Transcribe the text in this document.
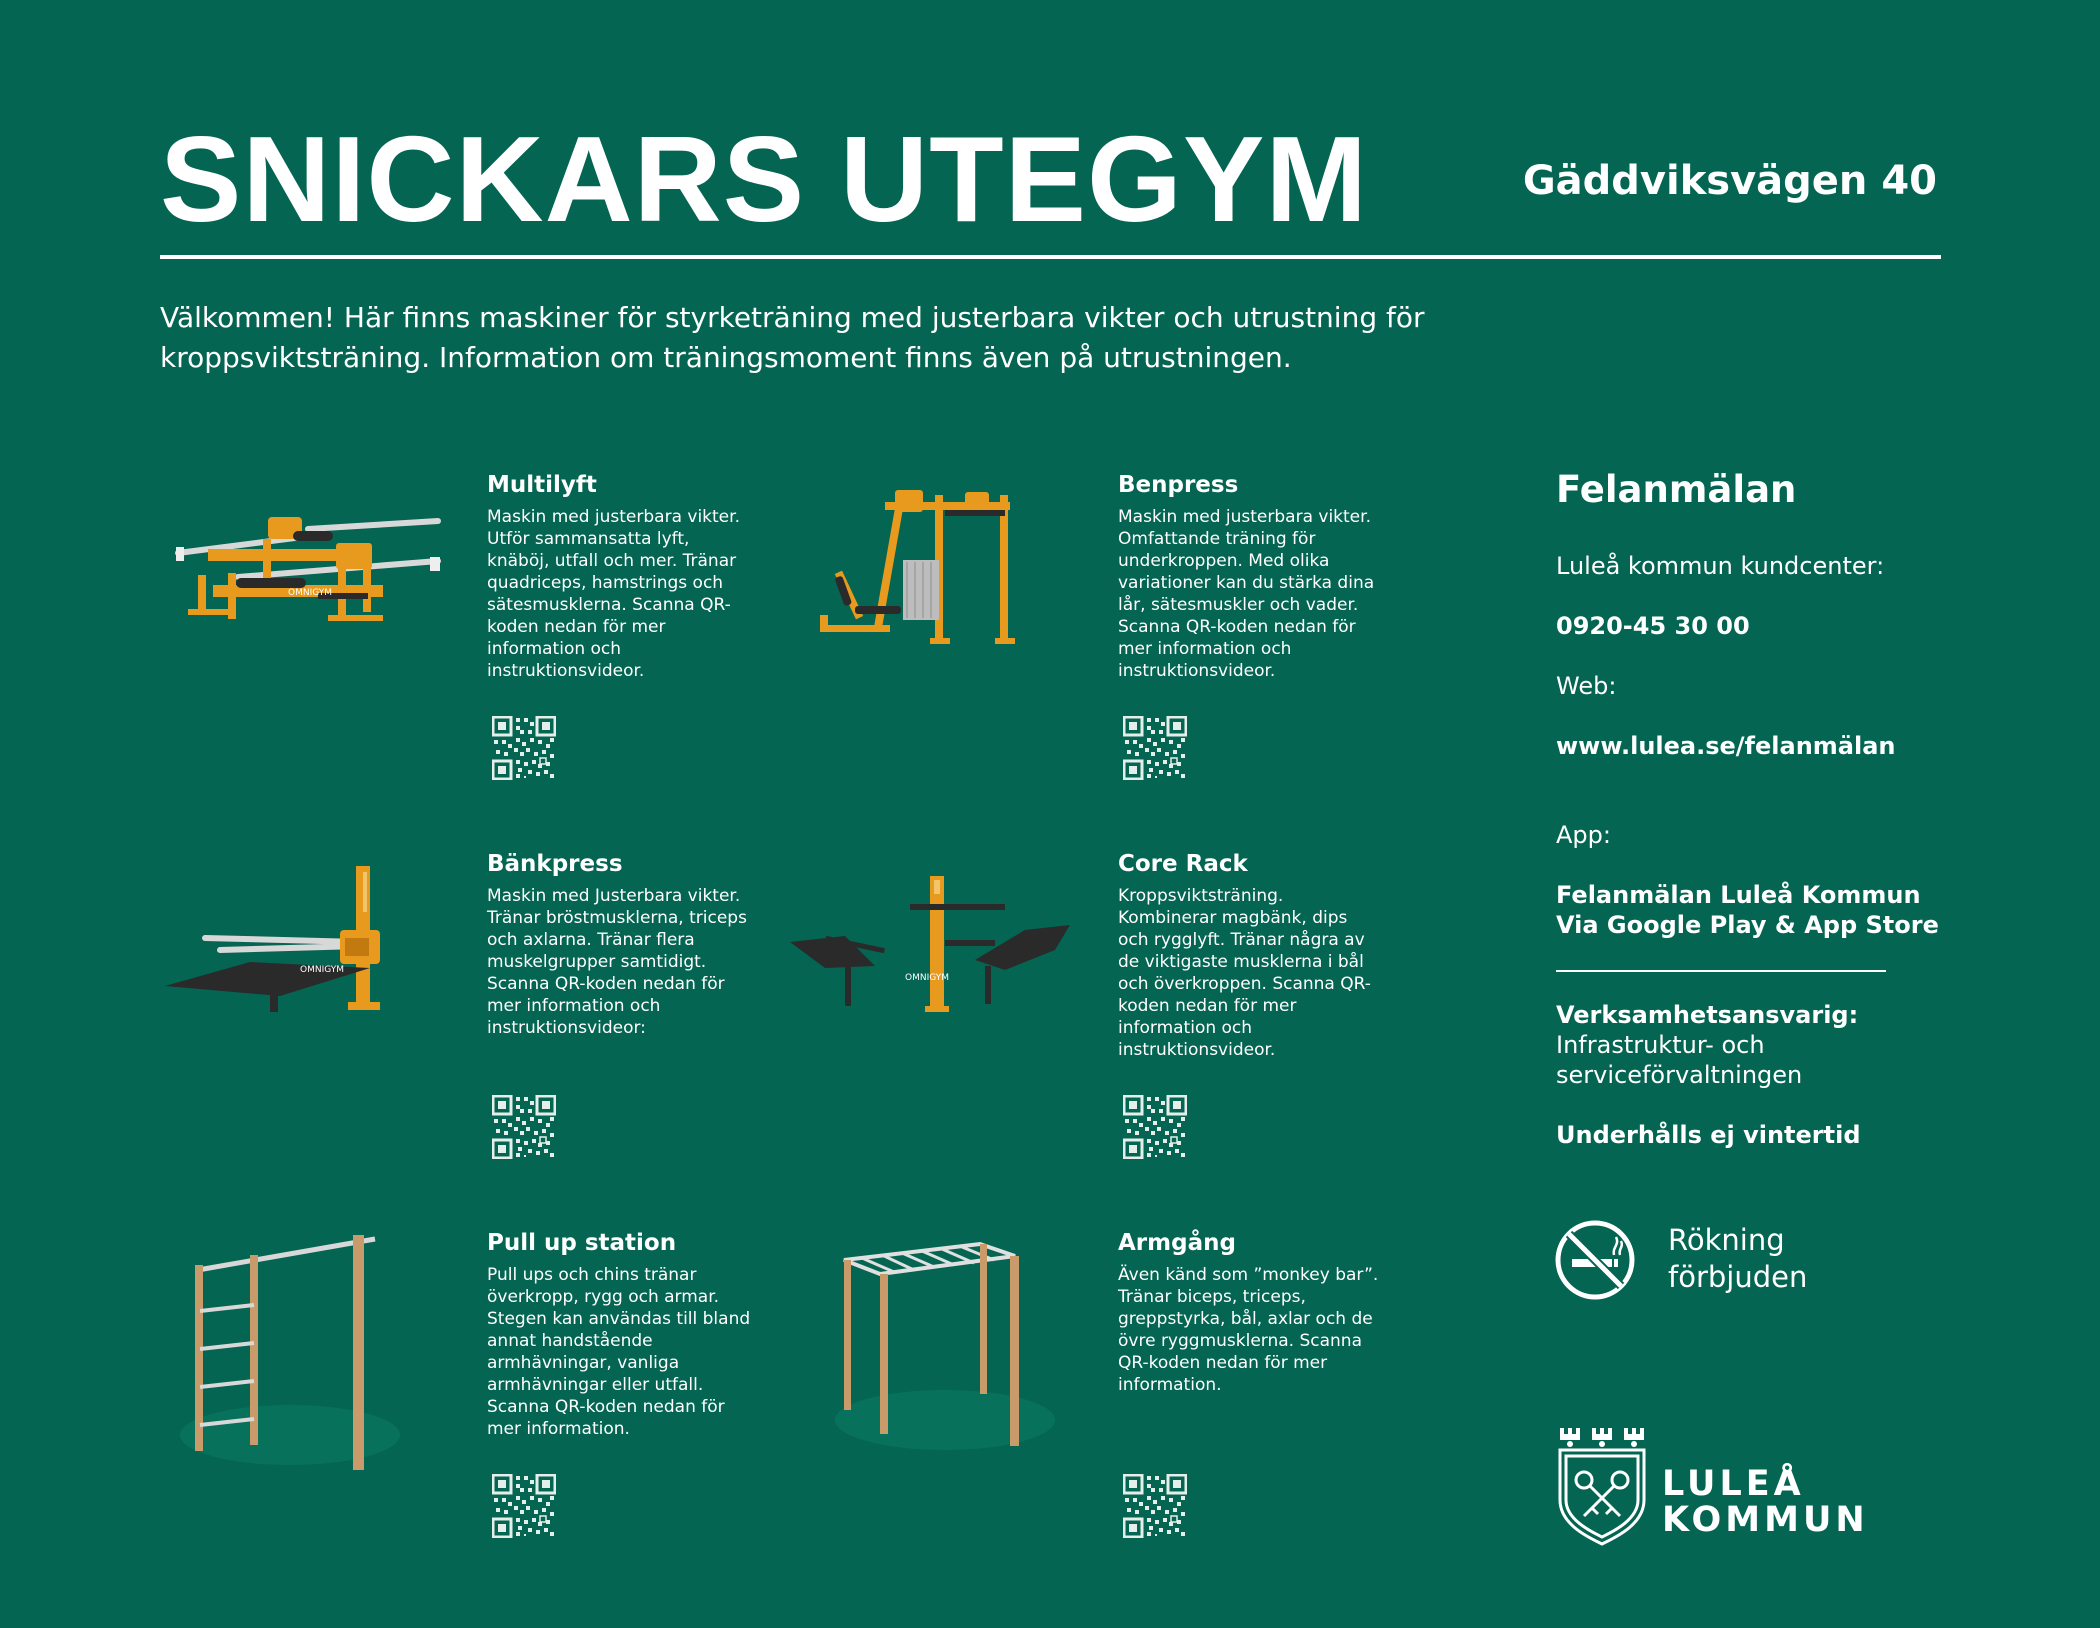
SNICKARS UTEGYM	Gäddviksvägen 40
Välkommen! Här finns maskiner för styrketräning med justerbara vikter och utrustning för kroppsviktsträning. Information om träningsmoment finns även på utrustningen.
OMNIGYM
Multilyft
Maskin med justerbara vikter. Utför sammansatta lyft, knäböj, utfall och mer. Tränar quadriceps, hamstrings och sätesmusklerna. Scanna QR-koden nedan för mer information och instruktionsvideor.
Benpress
Maskin med justerbara vikter. Omfattande träning för underkroppen. Med olika variationer kan du stärka dina lår, sätesmuskler och vader. Scanna QR-koden nedan för mer information och instruktionsvideor.
OMNIGYM
Bänkpress
Maskin med Justerbara vikter. Tränar bröstmusklerna, triceps och axlarna. Tränar flera muskelgrupper samtidigt. Scanna QR-koden nedan för mer information och instruktionsvideor:
OMNIGYM
Core Rack
Kroppsviktsträning. Kombinerar magbänk, dips och rygglyft. Tränar några av de viktigaste musklerna i bål och överkroppen. Scanna QR-koden nedan för mer information och instruktionsvideor.
Pull up station
Pull ups och chins tränar överkropp, rygg och armar. Stegen kan användas till bland annat handstående armhävningar, vanliga armhävningar eller utfall. Scanna QR-koden nedan för mer information.
Armgång
Även känd som ”monkey bar”. Tränar biceps, triceps, greppstyrka, bål, axlar och de övre ryggmusklerna. Scanna QR-koden nedan för mer information.
Felanmälan
Luleå kommun kundcenter:
0920-45 30 00
Web:
www.lulea.se/felanmälan
App:
Felanmälan Luleå Kommun
Via Google Play & App Store
Verksamhetsansvarig:
Infrastruktur- och
serviceförvaltningen
Underhålls ej vintertid
Rökning
förbjuden
LULEÅ
KOMMUN
